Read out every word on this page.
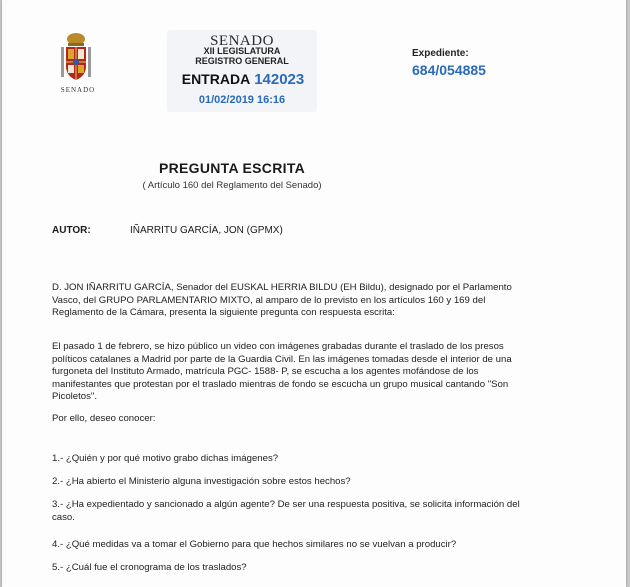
SENADO
SENADO
XII LEGISLATURA
REGISTRO GENERAL
ENTRADA 142023
01/02/2019 16:16
Expediente:
684/054885
PREGUNTA ESCRITA
( Artículo 160 del Reglamento del Senado)
AUTOR:	IÑARRITU GARCÍA, JON (GPMX)

D. JON IÑARRITU GARCÍA, Senador del EUSKAL HERRIA BILDU (EH Bildu), designado por el Parlamento Vasco, del GRUPO PARLAMENTARIO MIXTO, al amparo de lo previsto en los artículos 160 y 169 del Reglamento de la Cámara, presenta la siguiente pregunta con respuesta escrita:

El pasado 1 de febrero, se hizo público un video con imágenes grabadas durante el traslado de los presos políticos catalanes a Madrid por parte de la Guardia Civil. En las imágenes tomadas desde el interior de una furgoneta del Instituto Armado, matrícula PGC- 1588- P, se escucha a los agentes mofándose de los manifestantes que protestan por el traslado mientras de fondo se escucha un grupo musical cantando "Son Picoletos".

Por ello, deseo conocer:

1.- ¿Quién y por qué motivo grabo dichas imágenes?
2.- ¿Ha abierto el Ministerio alguna investigación sobre estos hechos?
3.- ¿Ha expedientado y sancionado a algún agente? De ser una respuesta positiva, se solicita información del caso.
4.- ¿Qué medidas va a tomar el Gobierno para que hechos similares no se vuelvan a producir?
5.- ¿Cuál fue el cronograma de los traslados?
